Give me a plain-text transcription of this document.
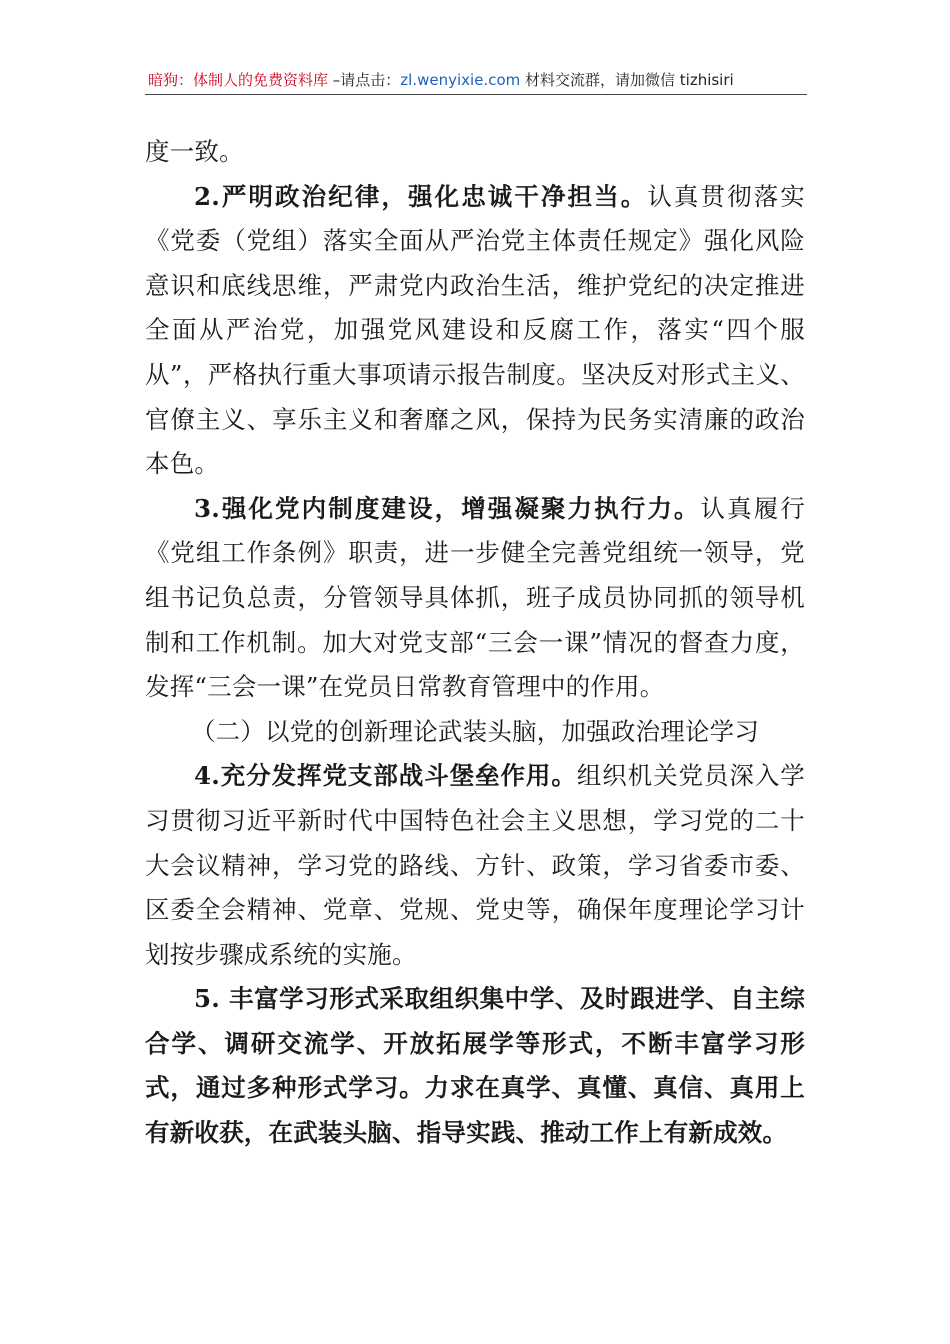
暗狗：体制人的免费资料库 –请点击：zl.wenyixie.com 材料交流群，请加微信 tizhisiri

度一致。

2.严明政治纪律，强化忠诚干净担当。认真贯彻落实《党委（党组）落实全面从严治党主体责任规定》强化风险意识和底线思维，严肃党内政治生活，维护党纪的决定推进全面从严治党，加强党风建设和反腐工作，落实“四个服从”，严格执行重大事项请示报告制度。坚决反对形式主义、官僚主义、享乐主义和奢靡之风，保持为民务实清廉的政治本色。

3.强化党内制度建设，增强凝聚力执行力。认真履行《党组工作条例》职责，进一步健全完善党组统一领导，党组书记负总责，分管领导具体抓，班子成员协同抓的领导机制和工作机制。加大对党支部“三会一课”情况的督查力度，发挥“三会一课”在党员日常教育管理中的作用。

（二）以党的创新理论武装头脑，加强政治理论学习

4.充分发挥党支部战斗堡垒作用。组织机关党员深入学习贯彻习近平新时代中国特色社会主义思想，学习党的二十大会议精神，学习党的路线、方针、政策，学习省委市委、区委全会精神、党章、党规、党史等，确保年度理论学习计划按步骤成系统的实施。

5. 丰富学习形式采取组织集中学、及时跟进学、自主综合学、调研交流学、开放拓展学等形式，不断丰富学习形式，通过多种形式学习。力求在真学、真懂、真信、真用上有新收获，在武装头脑、指导实践、推动工作上有新成效。
